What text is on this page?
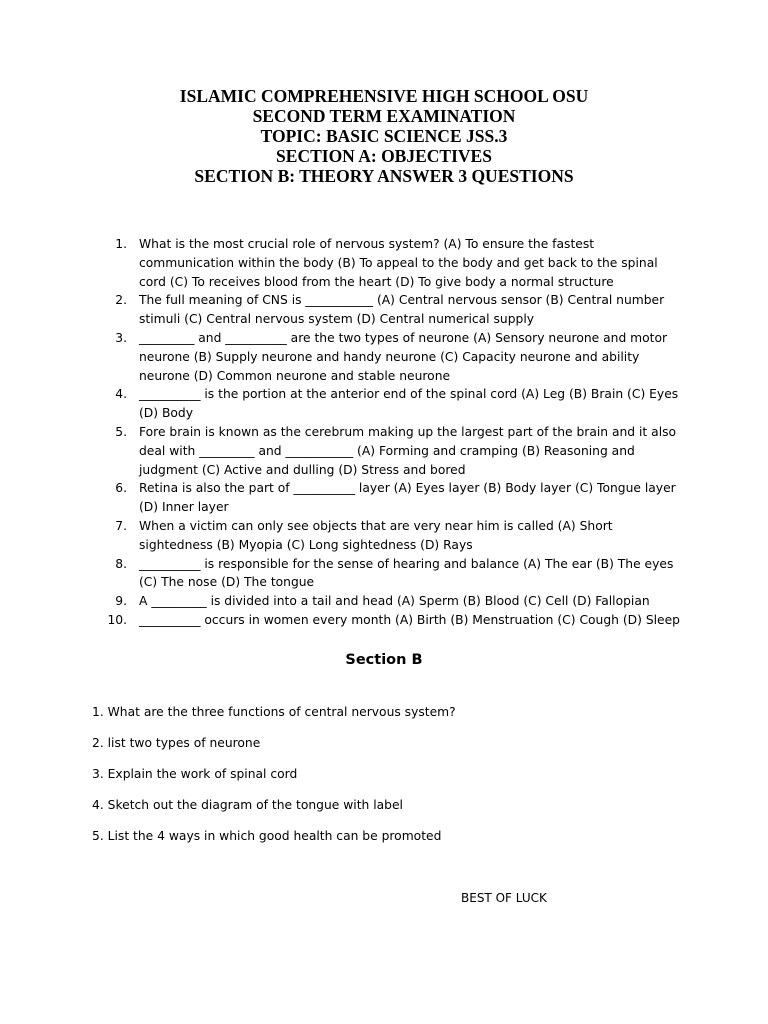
ISLAMIC COMPREHENSIVE HIGH SCHOOL OSU
SECOND TERM EXAMINATION
TOPIC: BASIC SCIENCE JSS.3
SECTION A: OBJECTIVES
SECTION B: THEORY ANSWER 3 QUESTIONS
1. What is the most crucial role of nervous system? (A) To ensure the fastest communication within the body (B) To appeal to the body and get back to the spinal cord (C) To receives blood from the heart (D) To give body a normal structure
2. The full meaning of CNS is ___________ (A) Central nervous sensor (B) Central number stimuli (C) Central nervous system (D) Central numerical supply
3. _________ and __________ are the two types of neurone (A) Sensory neurone and motor neurone (B) Supply neurone and handy neurone (C) Capacity neurone and ability neurone (D) Common neurone and stable neurone
4. __________ is the portion at the anterior end of the spinal cord (A) Leg (B) Brain (C) Eyes (D) Body
5. Fore brain is known as the cerebrum making up the largest part of the brain and it also deal with _________ and ___________ (A) Forming and cramping (B) Reasoning and judgment (C) Active and dulling (D) Stress and bored
6. Retina is also the part of __________ layer (A) Eyes layer (B) Body layer (C) Tongue layer (D) Inner layer
7. When a victim can only see objects that are very near him is called (A) Short sightedness (B) Myopia (C) Long sightedness (D) Rays
8. __________ is responsible for the sense of hearing and balance (A) The ear (B) The eyes (C) The nose (D) The tongue
9. A _________ is divided into a tail and head (A) Sperm (B) Blood (C) Cell (D) Fallopian
10. __________ occurs in women every month (A) Birth (B) Menstruation (C) Cough (D) Sleep
Section B
1. What are the three functions of central nervous system?
2. list two types of neurone
3. Explain the work of spinal cord
4. Sketch out the diagram of the tongue with label
5. List the 4 ways in which good health can be promoted
BEST OF LUCK
